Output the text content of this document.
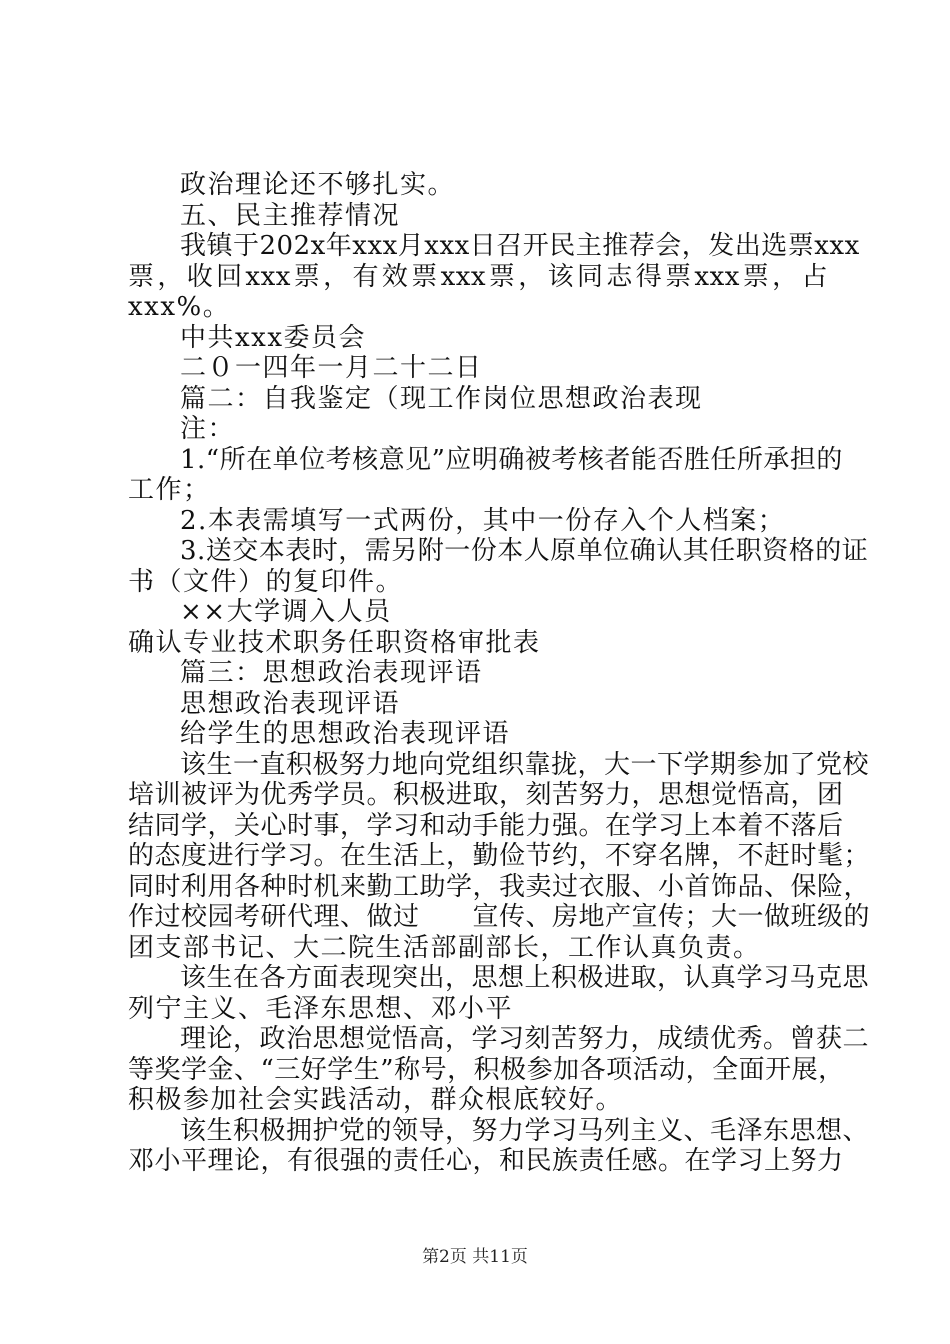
政治理论还不够扎实。
五、民主推荐情况
我镇于202x年xxx月xxx日召开民主推荐会，发出选票xxx
票，收回xxx票，有效票xxx票，该同志得票xxx票，占
xxx%。
中共xxx委员会
二０一四年一月二十二日
篇二：自我鉴定（现工作岗位思想政治表现
注：
1.“所在单位考核意见”应明确被考核者能否胜任所承担的
工作；
2.本表需填写一式两份，其中一份存入个人档案；
3.送交本表时，需另附一份本人原单位确认其任职资格的证
书（文件）的复印件。
××大学调入人员
确认专业技术职务任职资格审批表
篇三：思想政治表现评语
思想政治表现评语
给学生的思想政治表现评语
该生一直积极努力地向党组织靠拢，大一下学期参加了党校
培训被评为优秀学员。积极进取，刻苦努力，思想觉悟高，团
结同学，关心时事，学习和动手能力强。在学习上本着不落后
的态度进行学习。在生活上，勤俭节约，不穿名牌，不赶时髦；
同时利用各种时机来勤工助学，我卖过衣服、小首饰品、保险，
作过校园考研代理、做过　　宣传、房地产宣传；大一做班级的
团支部书记、大二院生活部副部长，工作认真负责。
该生在各方面表现突出，思想上积极进取，认真学习马克思
列宁主义、毛泽东思想、邓小平
理论，政治思想觉悟高，学习刻苦努力，成绩优秀。曾获二
等奖学金、“三好学生”称号，积极参加各项活动，全面开展，
积极参加社会实践活动，群众根底较好。
该生积极拥护党的领导，努力学习马列主义、毛泽东思想、
邓小平理论，有很强的责任心，和民族责任感。在学习上努力
第2页 共11页
